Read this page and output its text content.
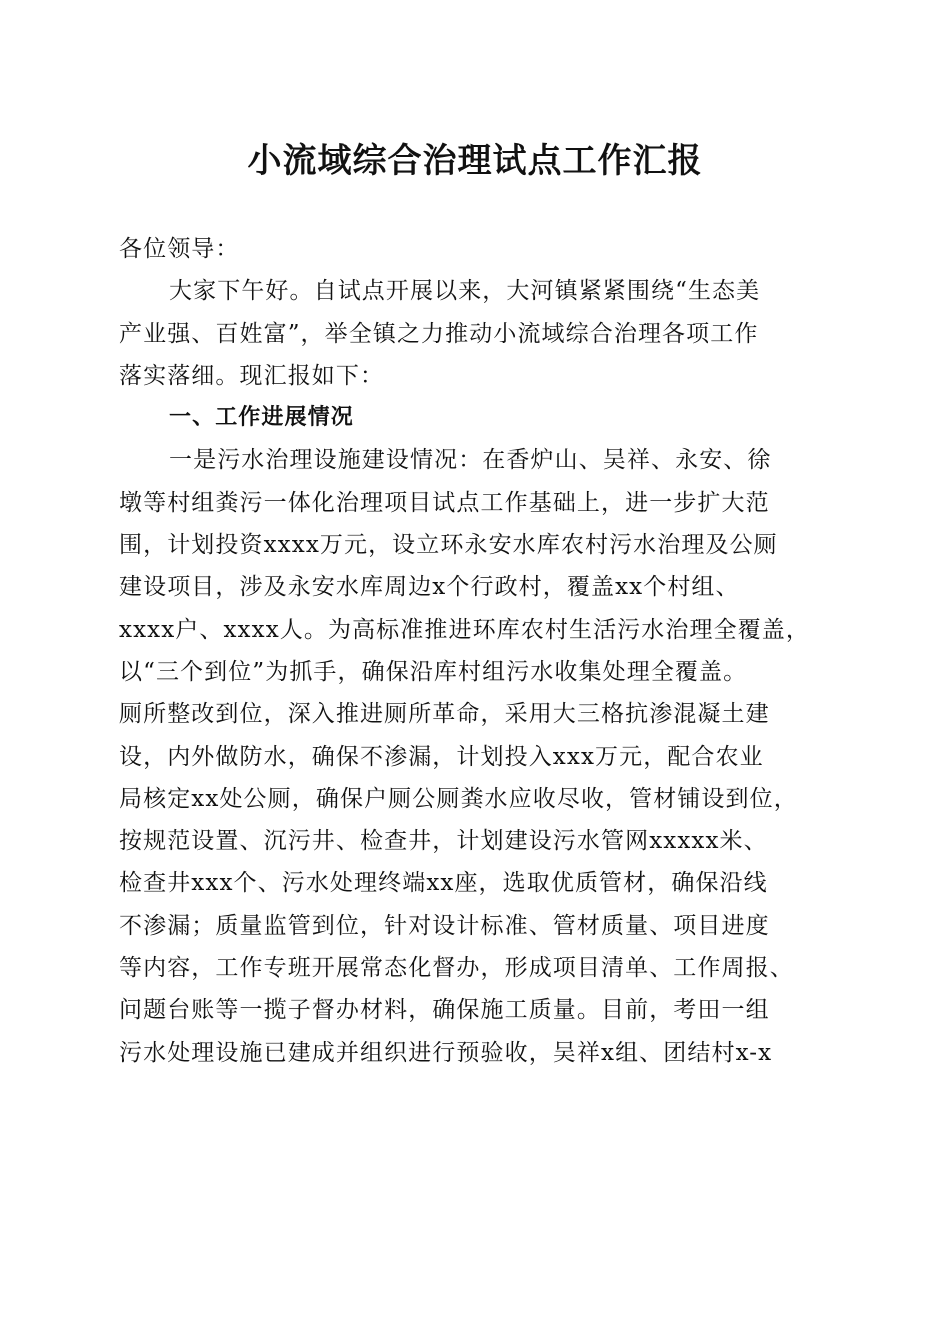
小流域综合治理试点工作汇报
各位领导：
大家下午好。自试点开展以来，大河镇紧紧围绕“生态美
产业强、百姓富”，举全镇之力推动小流域综合治理各项工作
落实落细。现汇报如下：
一、工作进展情况
一是污水治理设施建设情况：在香炉山、吴祥、永安、徐
墩等村组粪污一体化治理项目试点工作基础上，进一步扩大范
围，计划投资xxxx万元，设立环永安水库农村污水治理及公厕
建设项目，涉及永安水库周边x个行政村，覆盖xx个村组、
xxxx户、xxxx人。为高标准推进环库农村生活污水治理全覆盖，
以“三个到位”为抓手，确保沿库村组污水收集处理全覆盖。
厕所整改到位，深入推进厕所革命，采用大三格抗渗混凝土建
设，内外做防水，确保不渗漏，计划投入xxx万元，配合农业
局核定xx处公厕，确保户厕公厕粪水应收尽收，管材铺设到位，
按规范设置、沉污井、检查井，计划建设污水管网xxxxx米、
检查井xxx个、污水处理终端xx座，选取优质管材，确保沿线
不渗漏；质量监管到位，针对设计标准、管材质量、项目进度
等内容，工作专班开展常态化督办，形成项目清单、工作周报、
问题台账等一揽子督办材料，确保施工质量。目前，考田一组
污水处理设施已建成并组织进行预验收，吴祥x组、团结村x-x
